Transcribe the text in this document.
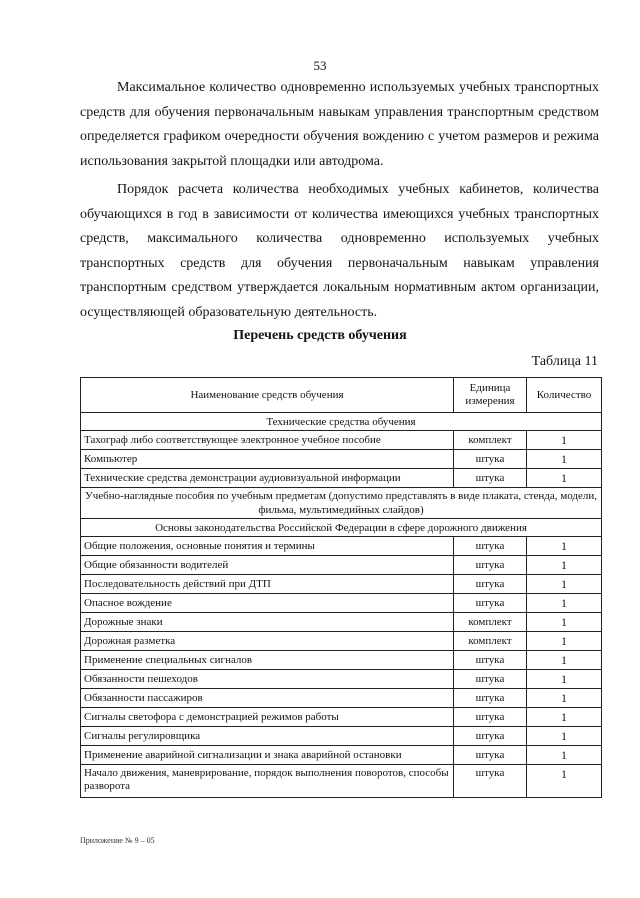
53

Максимальное количество одновременно используемых учебных транспортных средств для обучения первоначальным навыкам управления транспортным средством определяется графиком очередности обучения вождению с учетом размеров и режима использования закрытой площадки или автодрома.

Порядок расчета количества необходимых учебных кабинетов, количества обучающихся в год в зависимости от количества имеющихся учебных транспортных средств, максимального количества одновременно используемых учебных транспортных средств для обучения первоначальным навыкам управления транспортным средством утверждается локальным нормативным актом организации, осуществляющей образовательную деятельность.

Перечень средств обучения
Таблица 11
Наименование средств обучения	Единица измерения	Количество
Технические средства обучения		
Тахограф либо соответствующее электронное учебное пособие	комплект	1
Компьютер	штука	1
Технические средства демонстрации аудиовизуальной информации	штука	1
Учебно-наглядные пособия по учебным предметам (допустимо представлять в виде плаката, стенда, модели, фильма, мультимедийных слайдов)		
Основы законодательства Российской Федерации в сфере дорожного движения		
Общие положения, основные понятия и термины	штука	1
Общие обязанности водителей	штука	1
Последовательность действий при ДТП	штука	1
Опасное вождение	штука	1
Дорожные знаки	комплект	1
Дорожная разметка	комплект	1
Применение специальных сигналов	штука	1
Обязанности пешеходов	штука	1
Обязанности пассажиров	штука	1
Сигналы светофора с демонстрацией режимов работы	штука	1
Сигналы регулировщика	штука	1
Применение аварийной сигнализации и знака аварийной остановки	штука	1
Начало движения, маневрирование, порядок выполнения поворотов, способы разворота	штука	1
Приложение № 9 – 05
